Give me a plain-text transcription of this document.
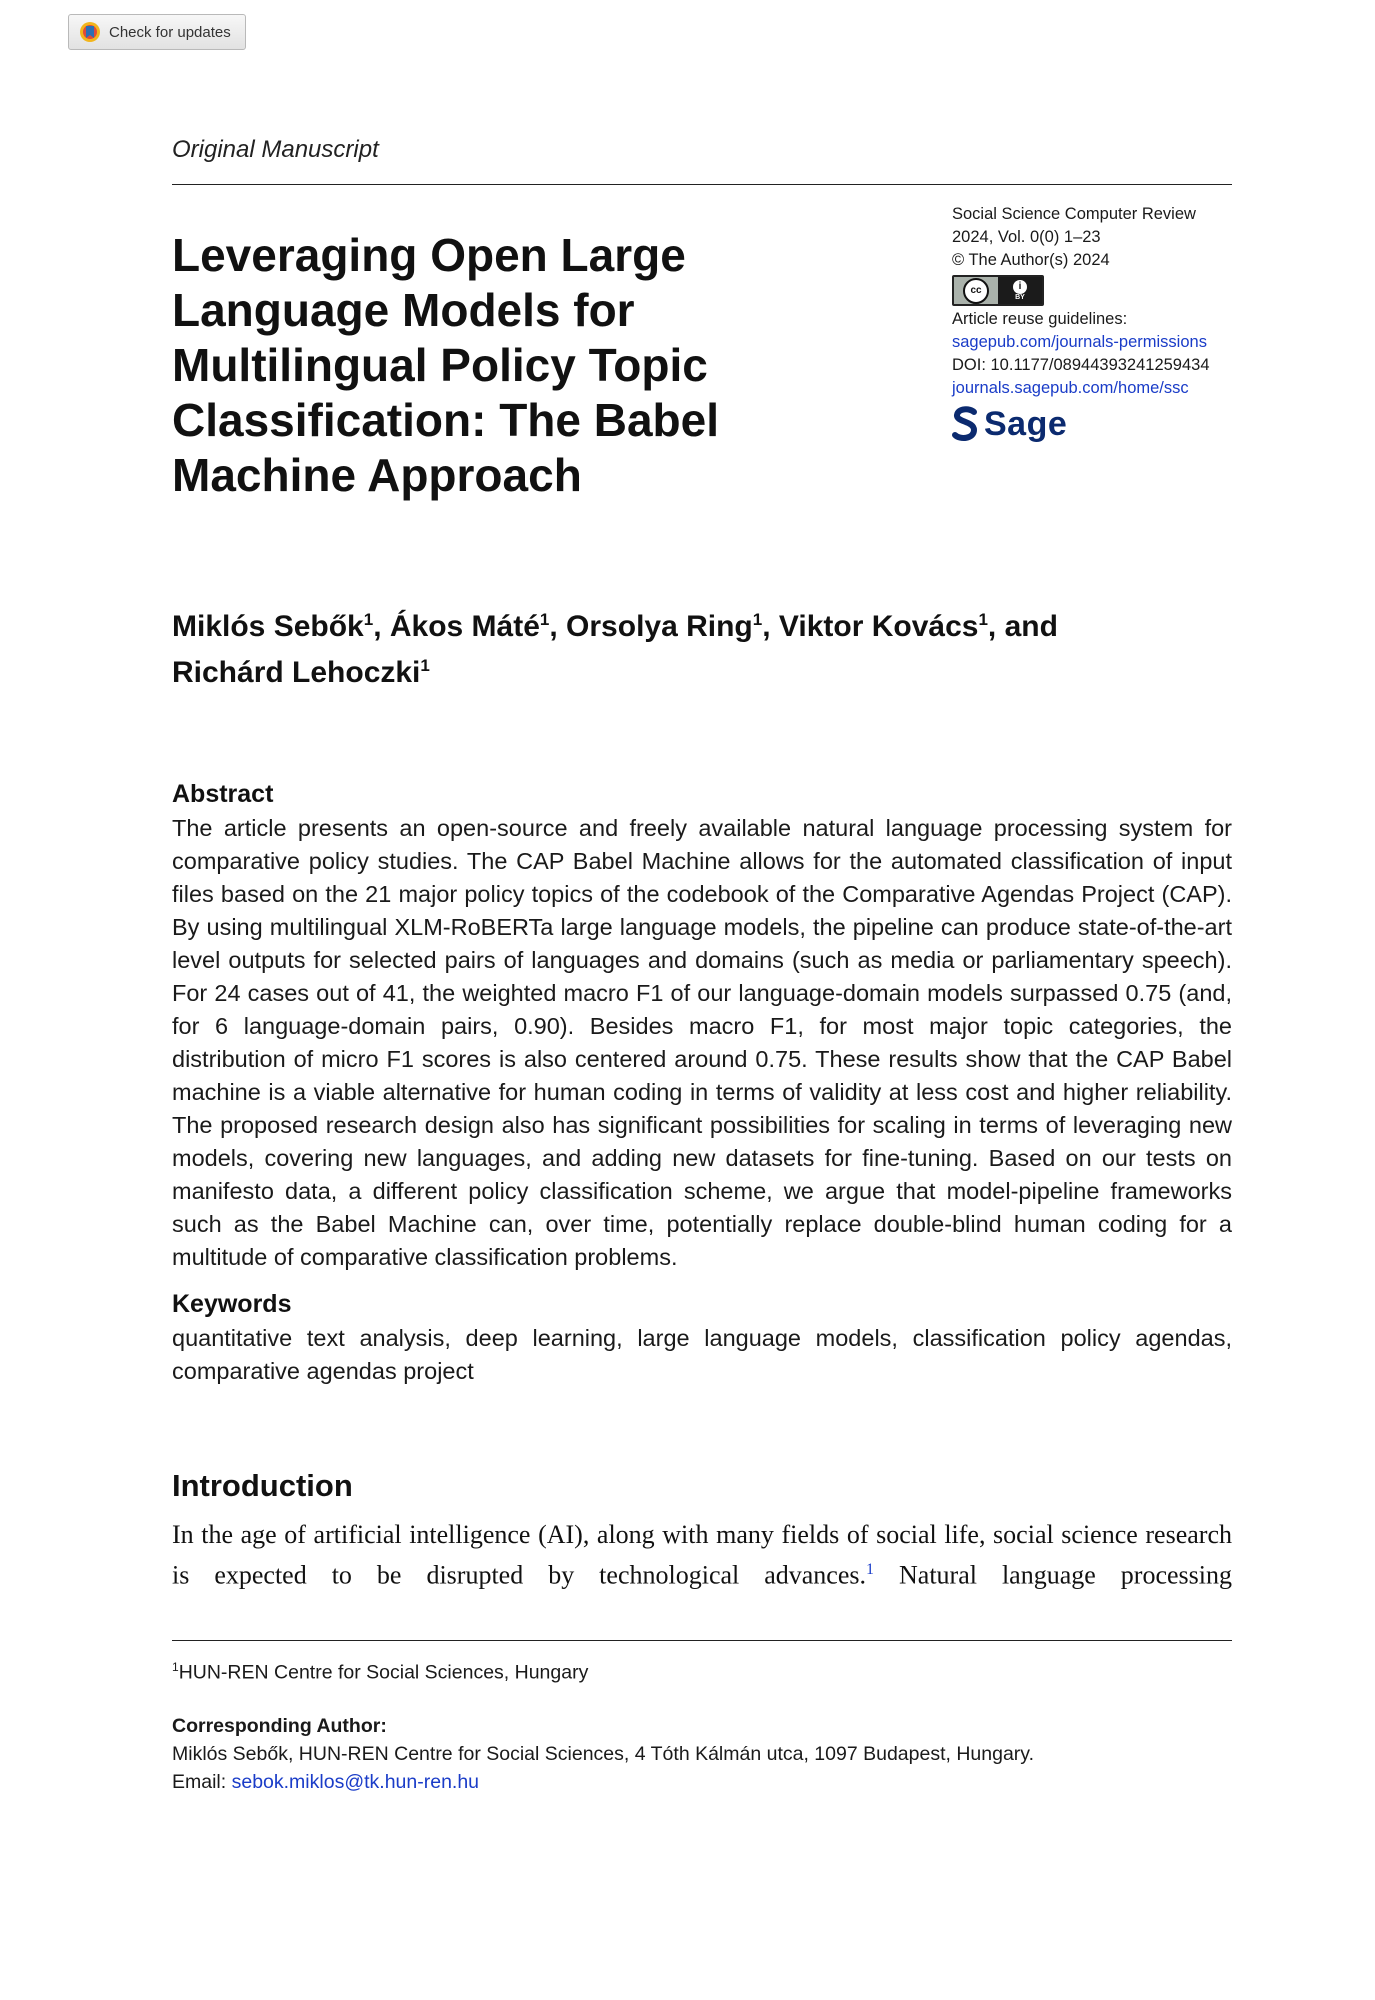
Check for updates
Original Manuscript
Leveraging Open Large Language Models for Multilingual Policy Topic Classification: The Babel Machine Approach
Social Science Computer Review
2024, Vol. 0(0) 1–23
© The Author(s) 2024
cc	i
BY
Article reuse guidelines:
sagepub.com/journals-permissions
DOI: 10.1177/08944393241259434
journals.sagepub.com/home/ssc
Sage

Miklós Sebők$^1$, Ákos Máté$^1$, Orsolya Ring$^1$, Viktor Kovács$^1$, and
Richárd Lehoczki$^1$

Abstract

The article presents an open-source and freely available natural language processing system for comparative policy studies. The CAP Babel Machine allows for the automated classification of input files based on the 21 major policy topics of the codebook of the Comparative Agendas Project (CAP). By using multilingual XLM-RoBERTa large language models, the pipeline can produce state-of-the-art level outputs for selected pairs of languages and domains (such as media or parliamentary speech). For 24 cases out of 41, the weighted macro F1 of our language-domain models surpassed 0.75 (and, for 6 language-domain pairs, 0.90). Besides macro F1, for most major topic categories, the distribution of micro F1 scores is also centered around 0.75. These results show that the CAP Babel machine is a viable alternative for human coding in terms of validity at less cost and higher reliability. The proposed research design also has significant possibilities for scaling in terms of leveraging new models, covering new languages, and adding new datasets for fine-tuning. Based on our tests on manifesto data, a different policy classification scheme, we argue that model-pipeline frameworks such as the Babel Machine can, over time, potentially replace double-blind human coding for a multitude of comparative classification problems.

Keywords

quantitative text analysis, deep learning, large language models, classification policy agendas, comparative agendas project

Introduction

In the age of artificial intelligence (AI), along with many fields of social life, social science research is expected to be disrupted by technological advances.$^1$ Natural language processing

$^1$HUN-REN Centre for Social Sciences, Hungary

Corresponding Author:
Miklós Sebők, HUN-REN Centre for Social Sciences, 4 Tóth Kálmán utca, 1097 Budapest, Hungary.
Email: sebok.miklos@tk.hun-ren.hu
